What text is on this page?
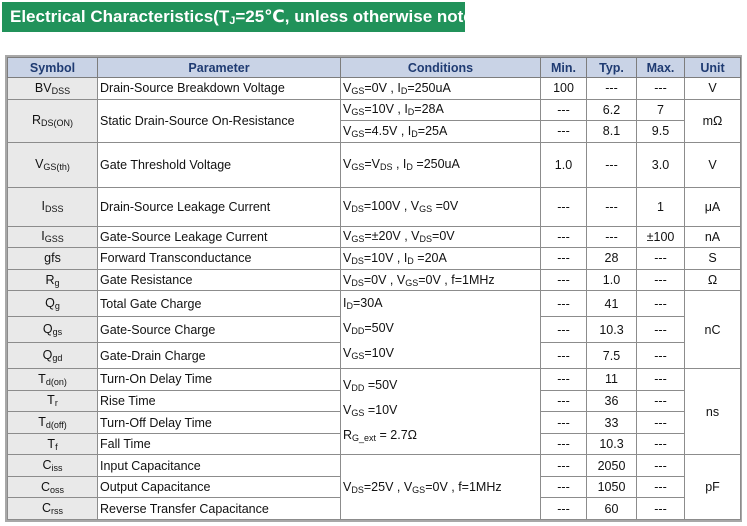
Electrical $Characteristics(T_J=25℃$, unless otherwise noted)
Symbol	Parameter	Conditions	Min.	Typ.	Max.	Unit
$BV_{DSS}$	Drain-Source Breakdown Voltage	$V_{GS}=0V$ , $I_D=250uA$	100	---	---	V
$R_{DS(ON)}$	Static Drain-Source On-Resistance	$V_{GS}=10V$ , $I_D=28A$	---	6.2	7	mΩ
		$V_{GS}=4.5V$ , $I_D=25A$	---	8.1	9.5	
$V_{GS(th)}$	Gate Threshold Voltage	$V_{GS}=V_{DS}$ , $I_D =250uA$	1.0	---	3.0	V
$I_{DSS}$	Drain-Source Leakage Current	$V_{DS}=100V$ , $V_{GS} =0V$	---	---	1	μA
$I_{GSS}$	Gate-Source Leakage Current	$V_{GS}=\pm 20V$ , $V_{DS}=0V$	---	---	±100	nA
gfs	Forward Transconductance	$V_{DS}=10V$ , $I_D =20A$	---	28	---	S
$R_g$	Gate Resistance	$V_{DS}=0V$ , $V_{GS}=0V$ , f=1MHz	---	1.0	---	Ω
$Q_g$	Total Gate Charge	$I_D=30A$
$V_{DD}=50V$
$V_{GS}=10V$	---	41	---	nC
$Q_{gs}$	Gate-Source Charge		---	10.3	---	
$Q_{gd}$	Gate-Drain Charge		---	7.5	---	
$T_{d(on)}$	Turn-On Delay Time	$V_{DD} =50V$
$V_{GS} =10V$
$R_{G\_ext} = 2.7\Omega$	---	11	---	ns
$T_r$	Rise Time		---	36	---	
$T_{d(off)}$	Turn-Off Delay Time		---	33	---	
$T_f$	Fall Time		---	10.3	---	
$C_{iss}$	Input Capacitance	$V_{DS}=25V$ , $V_{GS}=0V$ , f=1MHz	---	2050	---	pF
$C_{oss}$	Output Capacitance		---	1050	---	
$C_{rss}$	Reverse Transfer Capacitance		---	60	---	
